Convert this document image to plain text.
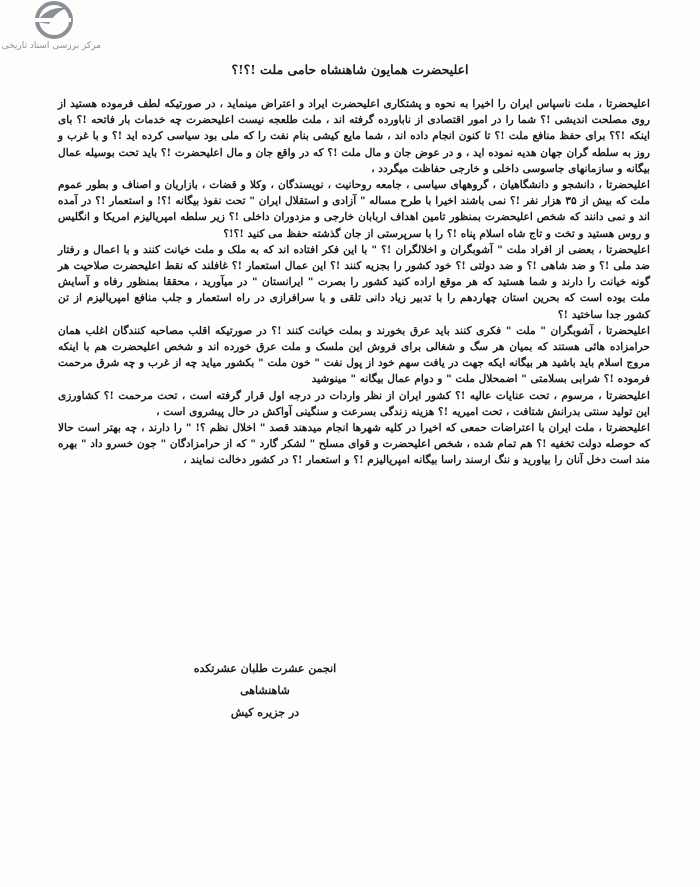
مرکز بررسی اسناد تاریخی
اعلیحضرت همایون شاهنشاه حامی ملت !؟!؟

اعلیحضرتا ، ملت ناسپاس ایران را اخیرا به نحوه و پشتکاری اعلیحضرت ایراد و اعتراض مینماید ، در صورتیکه لطف فرموده هستید از روی مصلحت اندیشی !؟ شما را در امور اقتصادی از ناباورده گرفته اند ، ملت طلعجه نیست اعلیحضرت چه خدمات بار فاتحه !؟ بای اینکه !؟؟ برای حفظ منافع ملت !؟ تا کنون انجام داده اند ، شما مایع کیشی بنام نفت را که ملی بود سیاسی کرده اید !؟ و با غرب و روز به سلطه گران جهان هدیه نموده اید ، و در عوض جان و مال ملت !؟ که در واقع جان و مال اعلیحضرت !؟ باید تحت بوسیله عمال بیگانه و سازمانهای جاسوسی داخلی و خارجی حفاظت میگردد ،

اعلیحضرتا ، دانشجو و دانشگاهیان ، گروههای سیاسی ، جامعه روحانیت ، نویسندگان ، وکلا و قضات ، بازاریان و اصناف و بطور عموم ملت که بیش از ۳۵ هزار نفر !؟ نمی باشند اخیرا با طرح مساله " آزادی و استقلال ایران " تحت نفوذ بیگانه !؟! و استعمار !؟ در آمده اند و نمی دانند که شخص اعلیحضرت بمنظور تامین اهداف اربابان خارجی و مزدوران داخلی !؟ زیر سلطه امپریالیزم امریکا و انگلیس و روس هستید و تخت و تاج شاه اسلام پناه !؟ را با سرپرستی از جان گذشته حفظ می کنید !؟!؟

اعلیحضرتا ، بعضی از افراد ملت " آشوبگران و اخلالگران !؟ " با این فکر افتاده اند که به ملک و ملت خیانت کنند و با اعمال و رفتار ضد ملی !؟ و ضد شاهی !؟ و ضد دولتی !؟ خود کشور را بجزیه کنند !؟ این عمال استعمار !؟ غافلند که نقط اعلیحضرت صلاحیت هر گونه خیانت را دارند و شما هستید که هر موقع اراده کنید کشور را بصرت " ایرانستان " در میآورید ، محققا بمنظور رفاه و آسایش ملت بوده است که بحرین استان چهاردهم را با تدبیر زیاد دانی تلقی و با سرافرازی در راه استعمار و جلب منافع امپریالیزم از تن کشور جدا ساختید !؟

اعلیحضرتا ، آشوبگران " ملت " فکری کنند باید عرق بخورند و بملت خیانت کنند !؟ در صورتیکه اقلب مصاحبه کنندگان اغلب همان حرامزاده هائی هستند که بمیان هر سگ و شغالی برای فروش این ملسک و ملت عرق خورده اند و شخص اعلیحضرت هم با اینکه مروج اسلام باید باشید هر بیگانه ایکه جهت در یافت سهم خود از پول نفت " خون ملت " بکشور میاید چه از غرب و چه شرق مرحمت فرموده !؟ شرابی بسلامتی " اضمحلال ملت " و دوام عمال بیگانه " مینوشید

اعلیحضرتا ، مرسوم ، تحت عنایات عالیه !؟ کشور ایران از نظر واردات در درجه اول قرار گرفته است ، تحت مرحمت !؟ کشاورزی این تولید سنتی بدرانش شتافت ، تحت امیریه !؟ هزینه زندگی بسرعت و سنگینی آواکش در حال پیشروی است ،

اعلیحضرتا ، ملت ایران با اعتراضات حمعی که اخیرا در کلیه شهرها انجام میدهند قصد " اخلال نظم ؟! " را دارند ، چه بهتر است حالا که حوصله دولت تخفیه !؟ هم تمام شده ، شخص اعلیحضرت و قوای مسلح " لشکر گارد " که از حرامزادگان " جون خسرو داد " بهره مند است دخل آنان را بیاورید و ننگ ارسند راسا بیگانه امپریالیزم !؟ و استعمار !؟ در کشور دخالت نمایند ،

انجمن عشرت طلبان عشرتکده شاهنشاهی
در جزیره کیش
